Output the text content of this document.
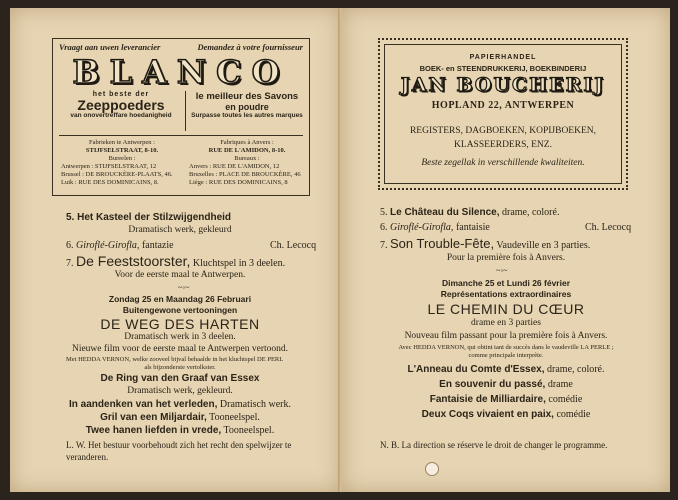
Vraagt aan uwen leverancier	Demandez à votre fournisseur
BLANCO
het beste der
Zeeppoeders
van onovertreffare hoedanigheid
le meilleur des Savons
en poudre
Surpasse toutes les autres marques
Fabrieken te Antwerpen :
STIJFSELSTRAAT, 8-10.
Bureelen :
Antwerpen : STIJFSELSTRAAT, 12
Brussel : DE BROUCKÈRE-PLAATS, 46.
Luik : RUE DES DOMINICAINS, 8.
Fabriques à Anvers :
RUE DE L'AMIDON, 8-10.
Bureaux :
Anvers : RUE DE L'AMIDON, 12
Bruxelles : PLACE DE BROUCKÈRE, 46
Liége : RUE DES DOMINICAINS, 8
5. Het Kasteel der Stilzwijgendheid
Dramatisch werk, gekleurd
6. Giroflé-Girofla, fantazie	Ch. Lecocq
7. De Feeststoorster, Kluchtspel in 3 deelen.
Voor de eerste maal te Antwerpen.
~◦~
Zondag 25 en Maandag 26 Februari
Buitengewone vertooningen
DE WEG DES HARTEN
Dramatisch werk in 3 deelen.
Nieuwe film voor de eerste maal te Antwerpen vertoond.
Met HEDDA VERNON, welke zooveel bijval behaalde in het kluchtspel DE PERL
als bijzonderste vertolkster.
De Ring van den Graaf van Essex
Dramatisch werk, gekleurd.
In aandenken van het verleden, Dramatisch werk.
Gril van een Miljardair, Tooneelspel.
Twee hanen liefden in vrede, Tooneelspel.
L. W. Het bestuur voorbehoudt zich het recht den spelwijzer te
veranderen.
PAPIERHANDEL
BOEK- en STEENDRUKKERIJ, BOEKBINDERIJ
JAN BOUCHERIJ
HOPLAND 22, ANTWERPEN
REGISTERS, DAGBOEKEN, KOPIJBOEKEN,
KLASSEERDERS, ENZ.
Beste zegellak in verschillende kwaliteiten.
5. Le Château du Silence, drame, coloré.
6. Giroflé-Girofla, fantaisie	Ch. Lecocq
7. Son Trouble-Fête, Vaudeville en 3 parties.
Pour la première fois à Anvers.
~◦~
Dimanche 25 et Lundi 26 février
Représentations extraordinaires
LE CHEMIN DU CŒUR
drame en 3 parties
Nouveau film passant pour la première fois à Anvers.
Avec HEDDA VERNON, qui obtint tant de succès dans le vaudeville LA PERLE ;
comme principale interprète.
L'Anneau du Comte d'Essex, drame, coloré.
En souvenir du passé, drame
Fantaisie de Milliardaire, comédie
Deux Coqs vivaient en paix, comédie
N. B. La direction se réserve le droit de changer le programme.
